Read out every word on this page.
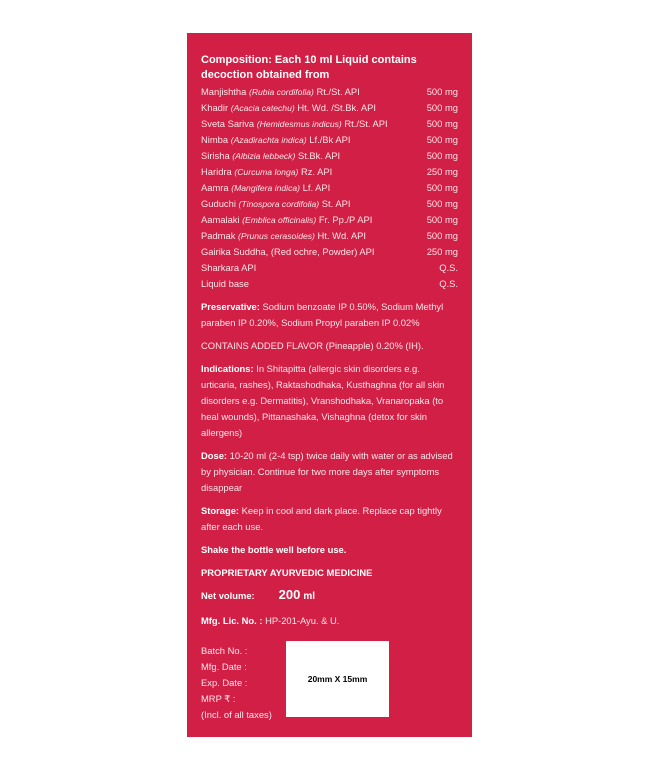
Composition: Each 10 ml Liquid contains decoction obtained from
Manjishtha (Rubia cordifolia) Rt./St. API	500 mg
Khadir (Acacia catechu) Ht. Wd. /St.Bk. API	500 mg
Sveta Sariva (Hemidesmus indicus) Rt./St. API	500 mg
Nimba (Azadirachta indica) Lf./Bk API	500 mg
Sirisha (Albizia lebbeck) St.Bk. API	500 mg
Haridra (Curcuma longa) Rz. API	250 mg
Aamra (Mangifera indica) Lf. API	500 mg
Guduchi (Tinospora cordifolia) St. API	500 mg
Aamalaki (Emblica officinalis) Fr. Pp./P API	500 mg
Padmak (Prunus cerasoides) Ht. Wd. API	500 mg
Gairika Suddha, (Red ochre, Powder) API	250 mg
Sharkara API	Q.S.
Liquid base	Q.S.
Preservative: Sodium benzoate IP 0.50%, Sodium Methyl paraben IP 0.20%, Sodium Propyl paraben IP 0.02%
CONTAINS ADDED FLAVOR (Pineapple) 0.20% (IH).
Indications: In Shitapitta (allergic skin disorders e.g. urticaria, rashes), Raktashodhaka, Kusthaghna (for all skin disorders e.g. Dermatitis), Vranshodhaka, Vranaropaka (to heal wounds), Pittanashaka, Vishaghna (detox for skin allergens)
Dose: 10-20 ml (2-4 tsp) twice daily with water or as advised by physician. Continue for two more days after symptoms disappear
Storage: Keep in cool and dark place. Replace cap tightly after each use.
Shake the bottle well before use.
PROPRIETARY AYURVEDIC MEDICINE
Net volume: 200 ml
Mfg. Lic. No. : HP-201-Ayu. & U.
Batch No. :
Mfg. Date :
Exp. Date :
MRP ₹ :
(Incl. of all taxes)
20mm X 15mm
